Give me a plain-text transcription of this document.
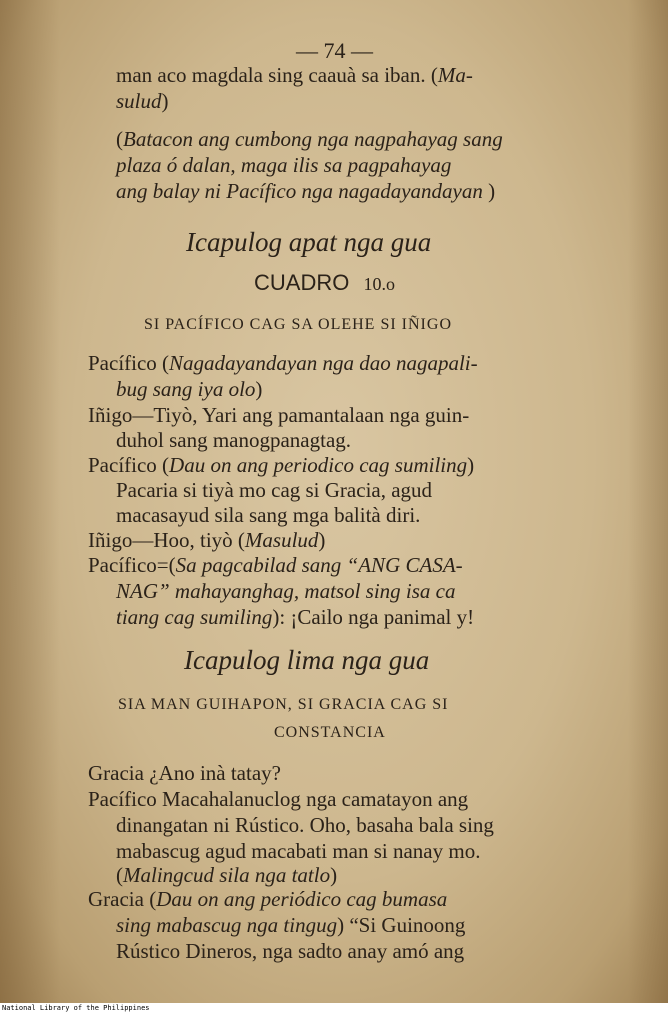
— 74 —
man aco magdala sing caauà sa iban. (Ma-
sulud)
(Batacon ang cumbong nga nagpahayag sang
plaza ó dalan, maga ilis sa pagpahayag
ang balay ni Pacífico nga nagadayandayan )
Icapulog apat nga gua
CUADRO 10.o
SI PACÍFICO CAG SA OLEHE SI IÑIGO
Pacífico (Nagadayandayan nga dao nagapali-
bug sang iya olo)
Iñigo—Tiyò, Yari ang pamantalaan nga guin-
duhol sang manogpanagtag.
Pacífico (Dau on ang periodico cag sumiling)
Pacaria si tiyà mo cag si Gracia, agud
macasayud sila sang mga balità diri.
Iñigo—Hoo, tiyò (Masulud)
Pacífico=(Sa pagcabilad sang “ANG CASA-
NAG” mahayanghag, matsol sing isa ca
tiang cag sumiling): ¡Cailo nga panimal y!
Icapulog lima nga gua
SIA MAN GUIHAPON, SI GRACIA CAG SI
CONSTANCIA
Gracia ¿Ano inà tatay?
Pacífico Macahalanuclog nga camatayon ang
dinangatan ni Rústico. Oho, basaha bala sing
mabascug agud macabati man si nanay mo.
(Malingcud sila nga tatlo)
Gracia (Dau on ang periódico cag bumasa
sing mabascug nga tingug) “Si Guinoong
Rústico Dineros, nga sadto anay amó ang
National Library of the Philippines
